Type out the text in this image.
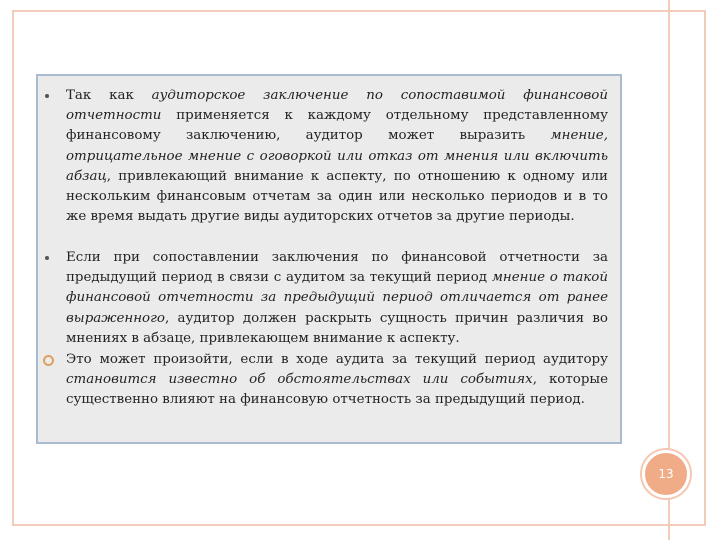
Так как аудиторское заключение по сопоставимой финансовой отчетности применяется к каждому отдельному представленному финансовому заключению, аудитор может выразить мнение, отрицательное мнение с оговоркой или отказ от мнения или включить абзац, привлекающий внимание к аспекту, по отношению к одному или нескольким финансовым отчетам за один или несколько периодов и в то же время выдать другие виды аудиторских отчетов за другие периоды.
Если при сопоставлении заключения по финансовой отчетности за предыдущий период в связи с аудитом за текущий период мнение о такой финансовой отчетности за предыдущий период отличается от ранее выраженного, аудитор должен раскрыть сущность причин различия во мнениях в абзаце, привлекающем внимание к аспекту.
Это может произойти, если в ходе аудита за текущий период аудитору становится известно об обстоятельствах или событиях, которые существенно влияют на финансовую отчетность за предыдущий период.
13
